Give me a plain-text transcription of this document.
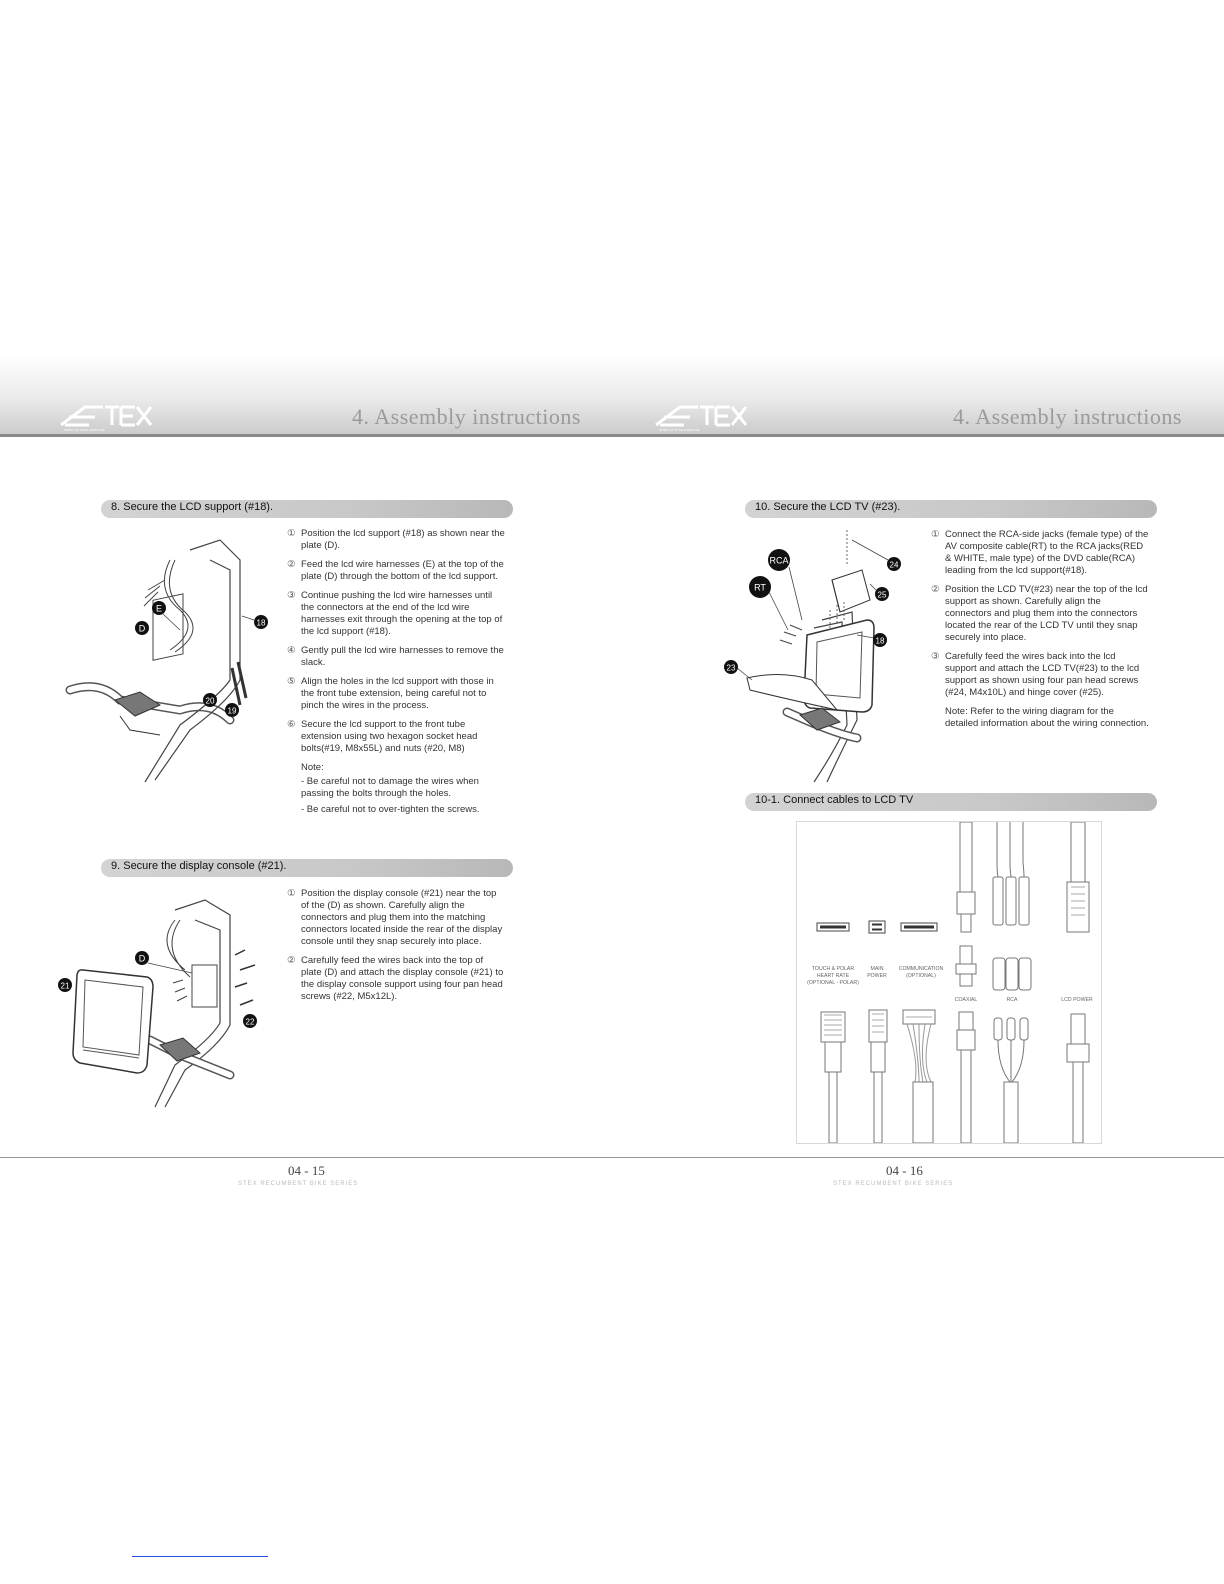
SPIRIT OF TOTAL EXERCISE	SPIRIT OF TOTAL EXERCISE
4. Assembly instructions	4. Assembly instructions
8. Secure the LCD support (#18).
E
D
18
20
19
① Position the lcd support (#18) as shown near the plate (D).
② Feed the lcd wire harnesses (E) at the top of the plate (D) through the bottom of the lcd support.
③ Continue pushing the lcd wire harnesses until the connectors at the end of the lcd wire harnesses exit through the opening at the top of the lcd support (#18).
④ Gently pull the lcd wire harnesses to remove the slack.
⑤ Align the holes in the lcd support with those in the front tube extension, being careful not to pinch the wires in the process.
⑥ Secure the lcd support to the front tube extension using two hexagon socket head bolts(#19, M8x55L) and nuts (#20, M8)
Note:
- Be careful not to damage the wires when passing the bolts through the holes.
- Be careful not to over-tighten the screws.
9. Secure the display console (#21).
D
21
22
① Position the display console (#21) near the top of the (D) as shown. Carefully align the connectors and plug them into the matching connectors located inside the rear of the display console until they snap securely into place.
② Carefully feed the wires back into the top of plate (D) and attach the display console (#21) to the display console support using four pan head screws (#22, M5x12L).
10. Secure the LCD TV (#23).
RCA
RT
24
25
18
23
① Connect the RCA-side jacks (female type) of the AV composite cable(RT) to the RCA jacks(RED & WHITE, male type) of the DVD cable(RCA) leading from the lcd support(#18).
② Position the LCD TV(#23) near the top of the lcd support as shown. Carefully align the connectors and plug them into the connectors located the rear of the LCD TV until they snap securely into place.
③ Carefully feed the wires back into the lcd support and attach the LCD TV(#23) to the lcd support as shown using four pan head screws (#24, M4x10L) and hinge cover (#25).
Note: Refer to the wiring diagram for the detailed information about the wiring connection.
10-1. Connect cables to LCD TV
TOUCH & POLAR
HEART RATE
(OPTIONAL - POLAR)
MAIN
POWER
COMMUNICATION
(OPTIONAL)
COAXIAL	RCA	LCD POWER
04 - 15	04 - 16
STEX RECUMBENT BIKE SERIES	STEX RECUMBENT BIKE SERIES
